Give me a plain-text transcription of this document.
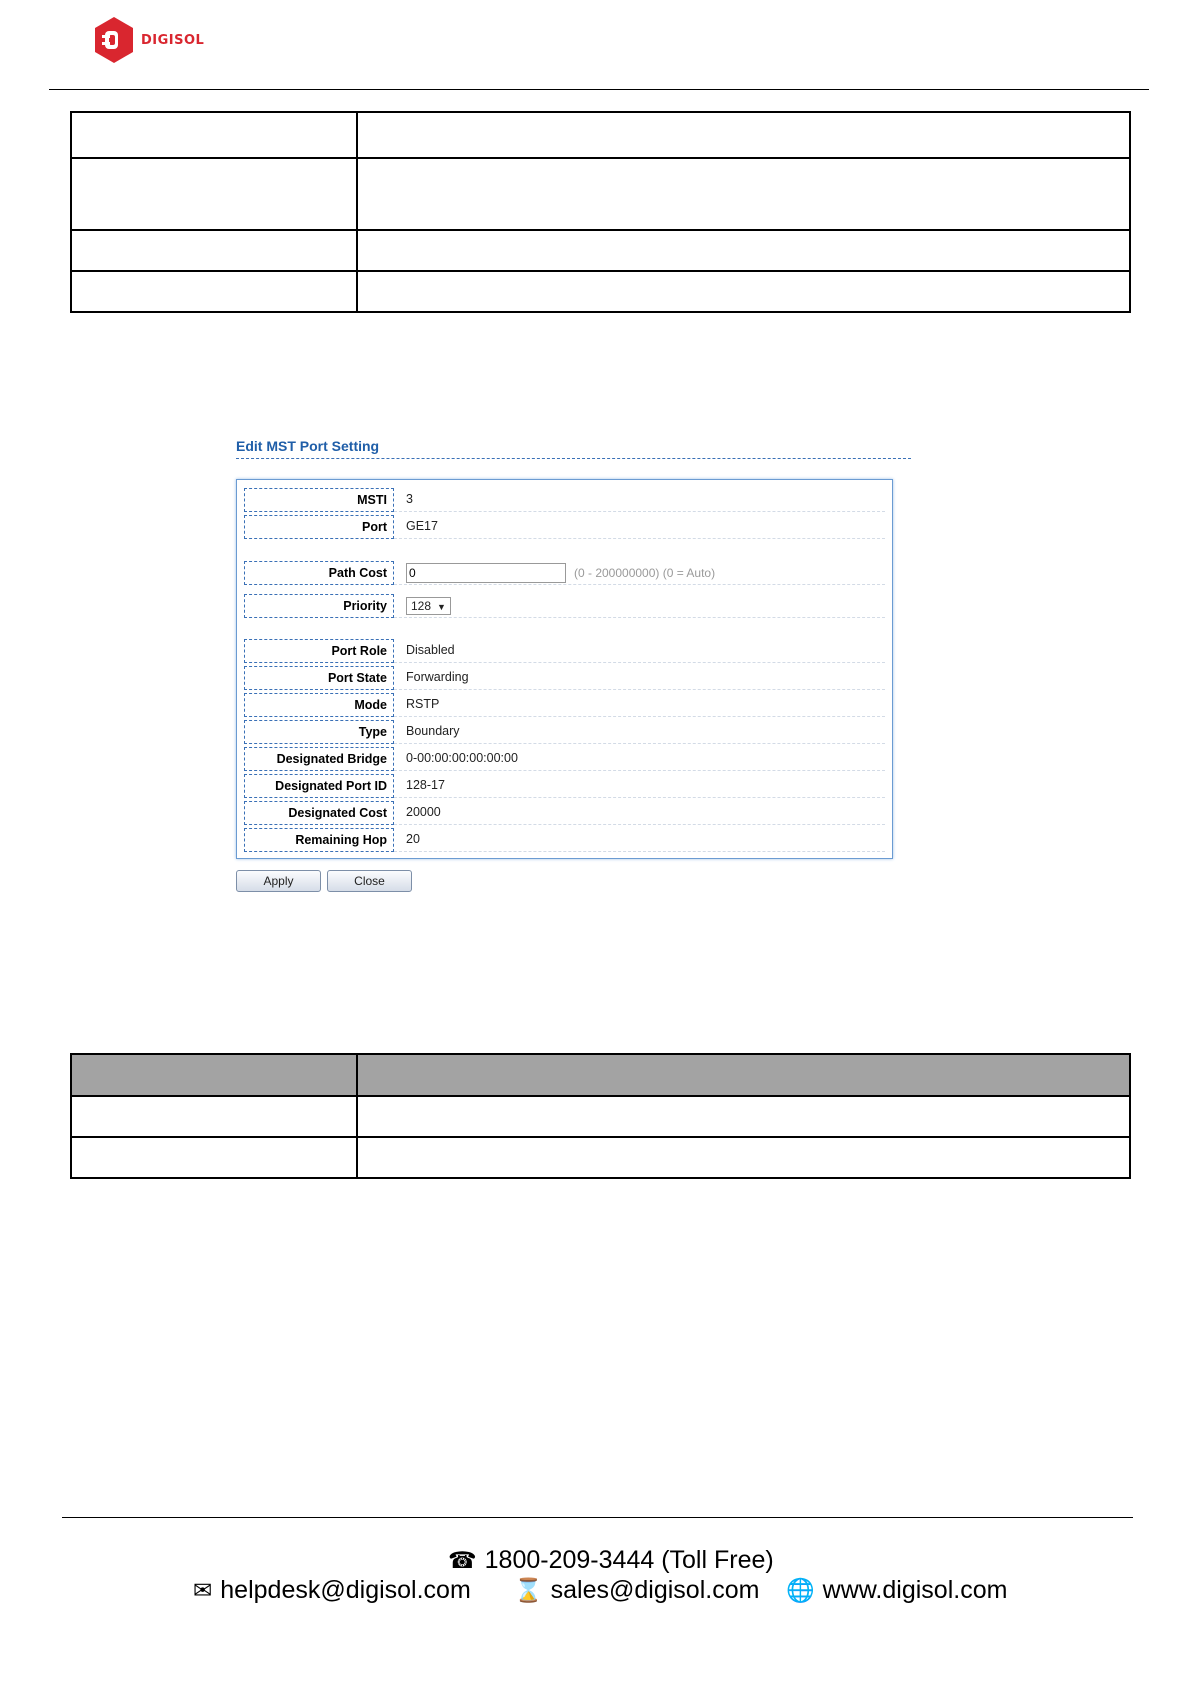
DIGISOL

Edit MST Port Setting
MSTI	3
Port	GE17
Path Cost	0	(0 - 200000000) (0 = Auto)
Priority	128 ▼
Port Role	Disabled
Port State	Forwarding
Mode	RSTP
Type	Boundary
Designated Bridge	0-00:00:00:00:00:00
Designated Port ID	128-17
Designated Cost	20000
Remaining Hop	20
Apply	Close

☎ 1800-209-3444 (Toll Free)
✉ helpdesk@digisol.com ⌛ sales@digisol.com 🌐 www.digisol.com
